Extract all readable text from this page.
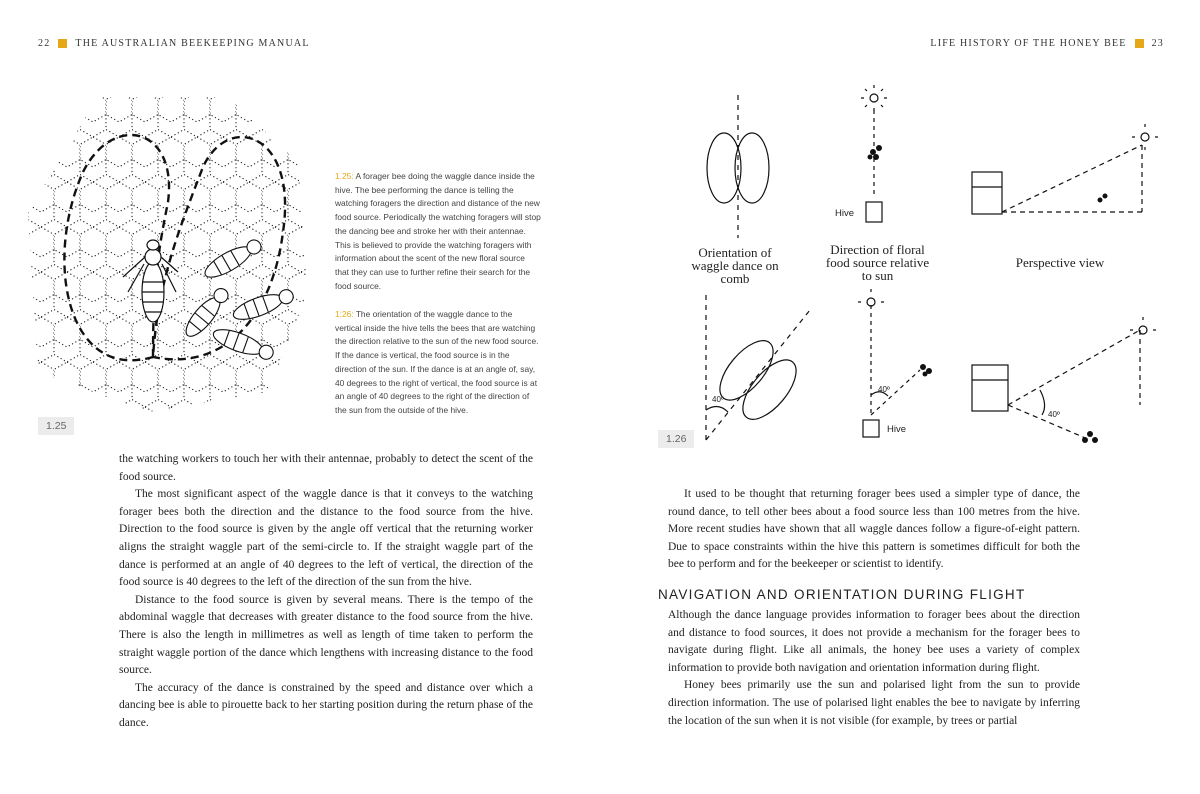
22	THE AUSTRALIAN BEEKEEPING MANUAL	LIFE HISTORY OF THE HONEY BEE	23
1.25
1.25: A forager bee doing the waggle dance inside the hive. The bee performing the dance is telling the watching foragers the direction and distance of the new food source. Periodically the watching foragers will stop the dancing bee and stroke her with their antennae. This is believed to provide the watching foragers with information about the scent of the new floral source that they can use to further refine their search for the food source.
1:26: The orientation of the waggle dance to the vertical inside the hive tells the bees that are watching the direction relative to the sun of the new food source. If the dance is vertical, the food source is in the direction of the sun. If the dance is at an angle of, say, 40 degrees to the right of vertical, the food source is at an angle of 40 degrees to the right of the direction of the sun from the outside of the hive.

the watching workers to touch her with their antennae, probably to detect the scent of the food source.

The most significant aspect of the waggle dance is that it conveys to the watching forager bees both the direction and the distance to the food source from the hive. Direction to the food source is given by the angle off vertical that the returning worker aligns the straight waggle part of the semi-circle to. If the straight waggle part of the dance is performed at an angle of 40 degrees to the left of vertical, the direction of the food source is 40 degrees to the left of the direction of the sun from the hive.

Distance to the food source is given by several means. There is the tempo of the abdominal waggle that decreases with greater distance to the food source from the hive. There is also the length in millimetres as well as length of time taken to perform the straight waggle portion of the dance which lengthens with increasing distance to the food source.

The accuracy of the dance is constrained by the speed and distance over which a dancing bee is able to pirouette back to her starting position during the return phase of the dance.

Orientation of waggle dance on comb
Direction of floral food source relative to sun
Perspective view
Hive
Hive
40º
40º
40º
1.26

It used to be thought that returning forager bees used a simpler type of dance, the round dance, to tell other bees about a food source less than 100 metres from the hive. More recent studies have shown that all waggle dances follow a figure-of-eight pattern. Due to space constraints within the hive this pattern is sometimes difficult for both the bee to perform and for the beekeeper or scientist to identify.

NAVIGATION AND ORIENTATION DURING FLIGHT

Although the dance language provides information to forager bees about the direction and distance to food sources, it does not provide a mechanism for the forager bees to navigate during flight. Like all animals, the honey bee uses a variety of complex information to provide both navigation and orientation information during flight.

Honey bees primarily use the sun and polarised light from the sun to provide direction information. The use of polarised light enables the bee to navigate by inferring the location of the sun when it is not visible (for example, by trees or partial
